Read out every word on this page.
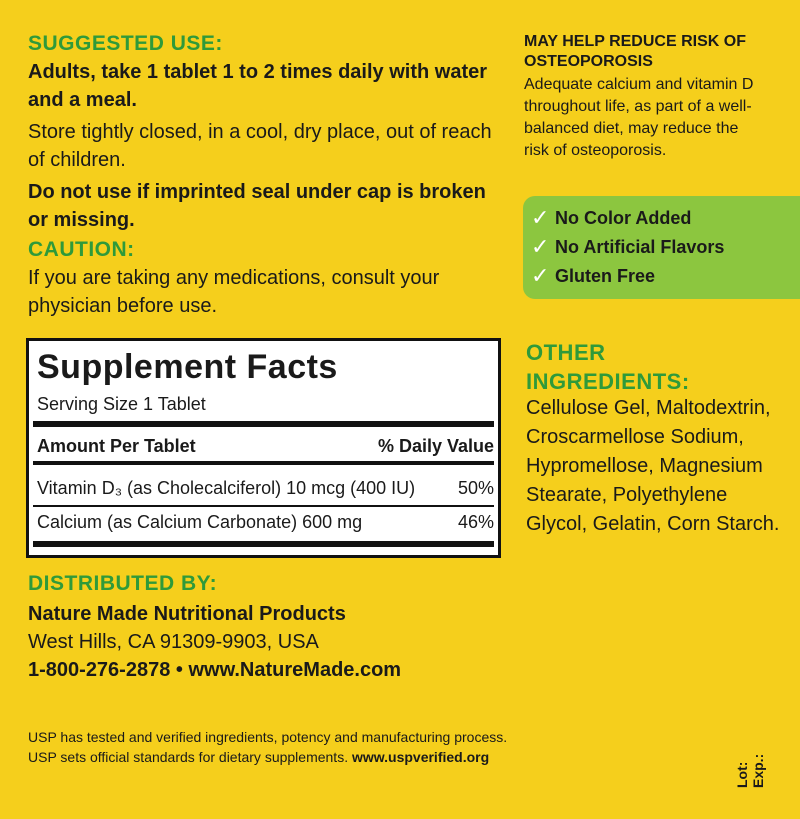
SUGGESTED USE:
Adults, take 1 tablet 1 to 2 times daily with water and a meal.
Store tightly closed, in a cool, dry place, out of reach of children.
Do not use if imprinted seal under cap is broken or missing.
CAUTION:
If you are taking any medications, consult your physician before use.
Supplement Facts
Serving Size 1 Tablet
Amount Per Tablet	% Daily Value
Vitamin D₃ (as Cholecalciferol) 10 mcg (400 IU) 50%
Calcium (as Calcium Carbonate) 600 mg	46%
DISTRIBUTED BY:
Nature Made Nutritional Products
West Hills, CA 91309-9903, USA
1-800-276-2878 • www.NatureMade.com
USP has tested and verified ingredients, potency and manufacturing process.
USP sets official standards for dietary supplements. www.uspverified.org
MAY HELP REDUCE RISK OF OSTEOPOROSIS
Adequate calcium and vitamin D throughout life, as part of a well-balanced diet, may reduce the risk of osteoporosis.
✓ No Color Added
✓ No Artificial Flavors
✓ Gluten Free
OTHER INGREDIENTS:
Cellulose Gel, Maltodextrin, Croscarmellose Sodium, Hypromellose, Magnesium Stearate, Polyethylene Glycol, Gelatin, Corn Starch.
Lot: Exp.:
